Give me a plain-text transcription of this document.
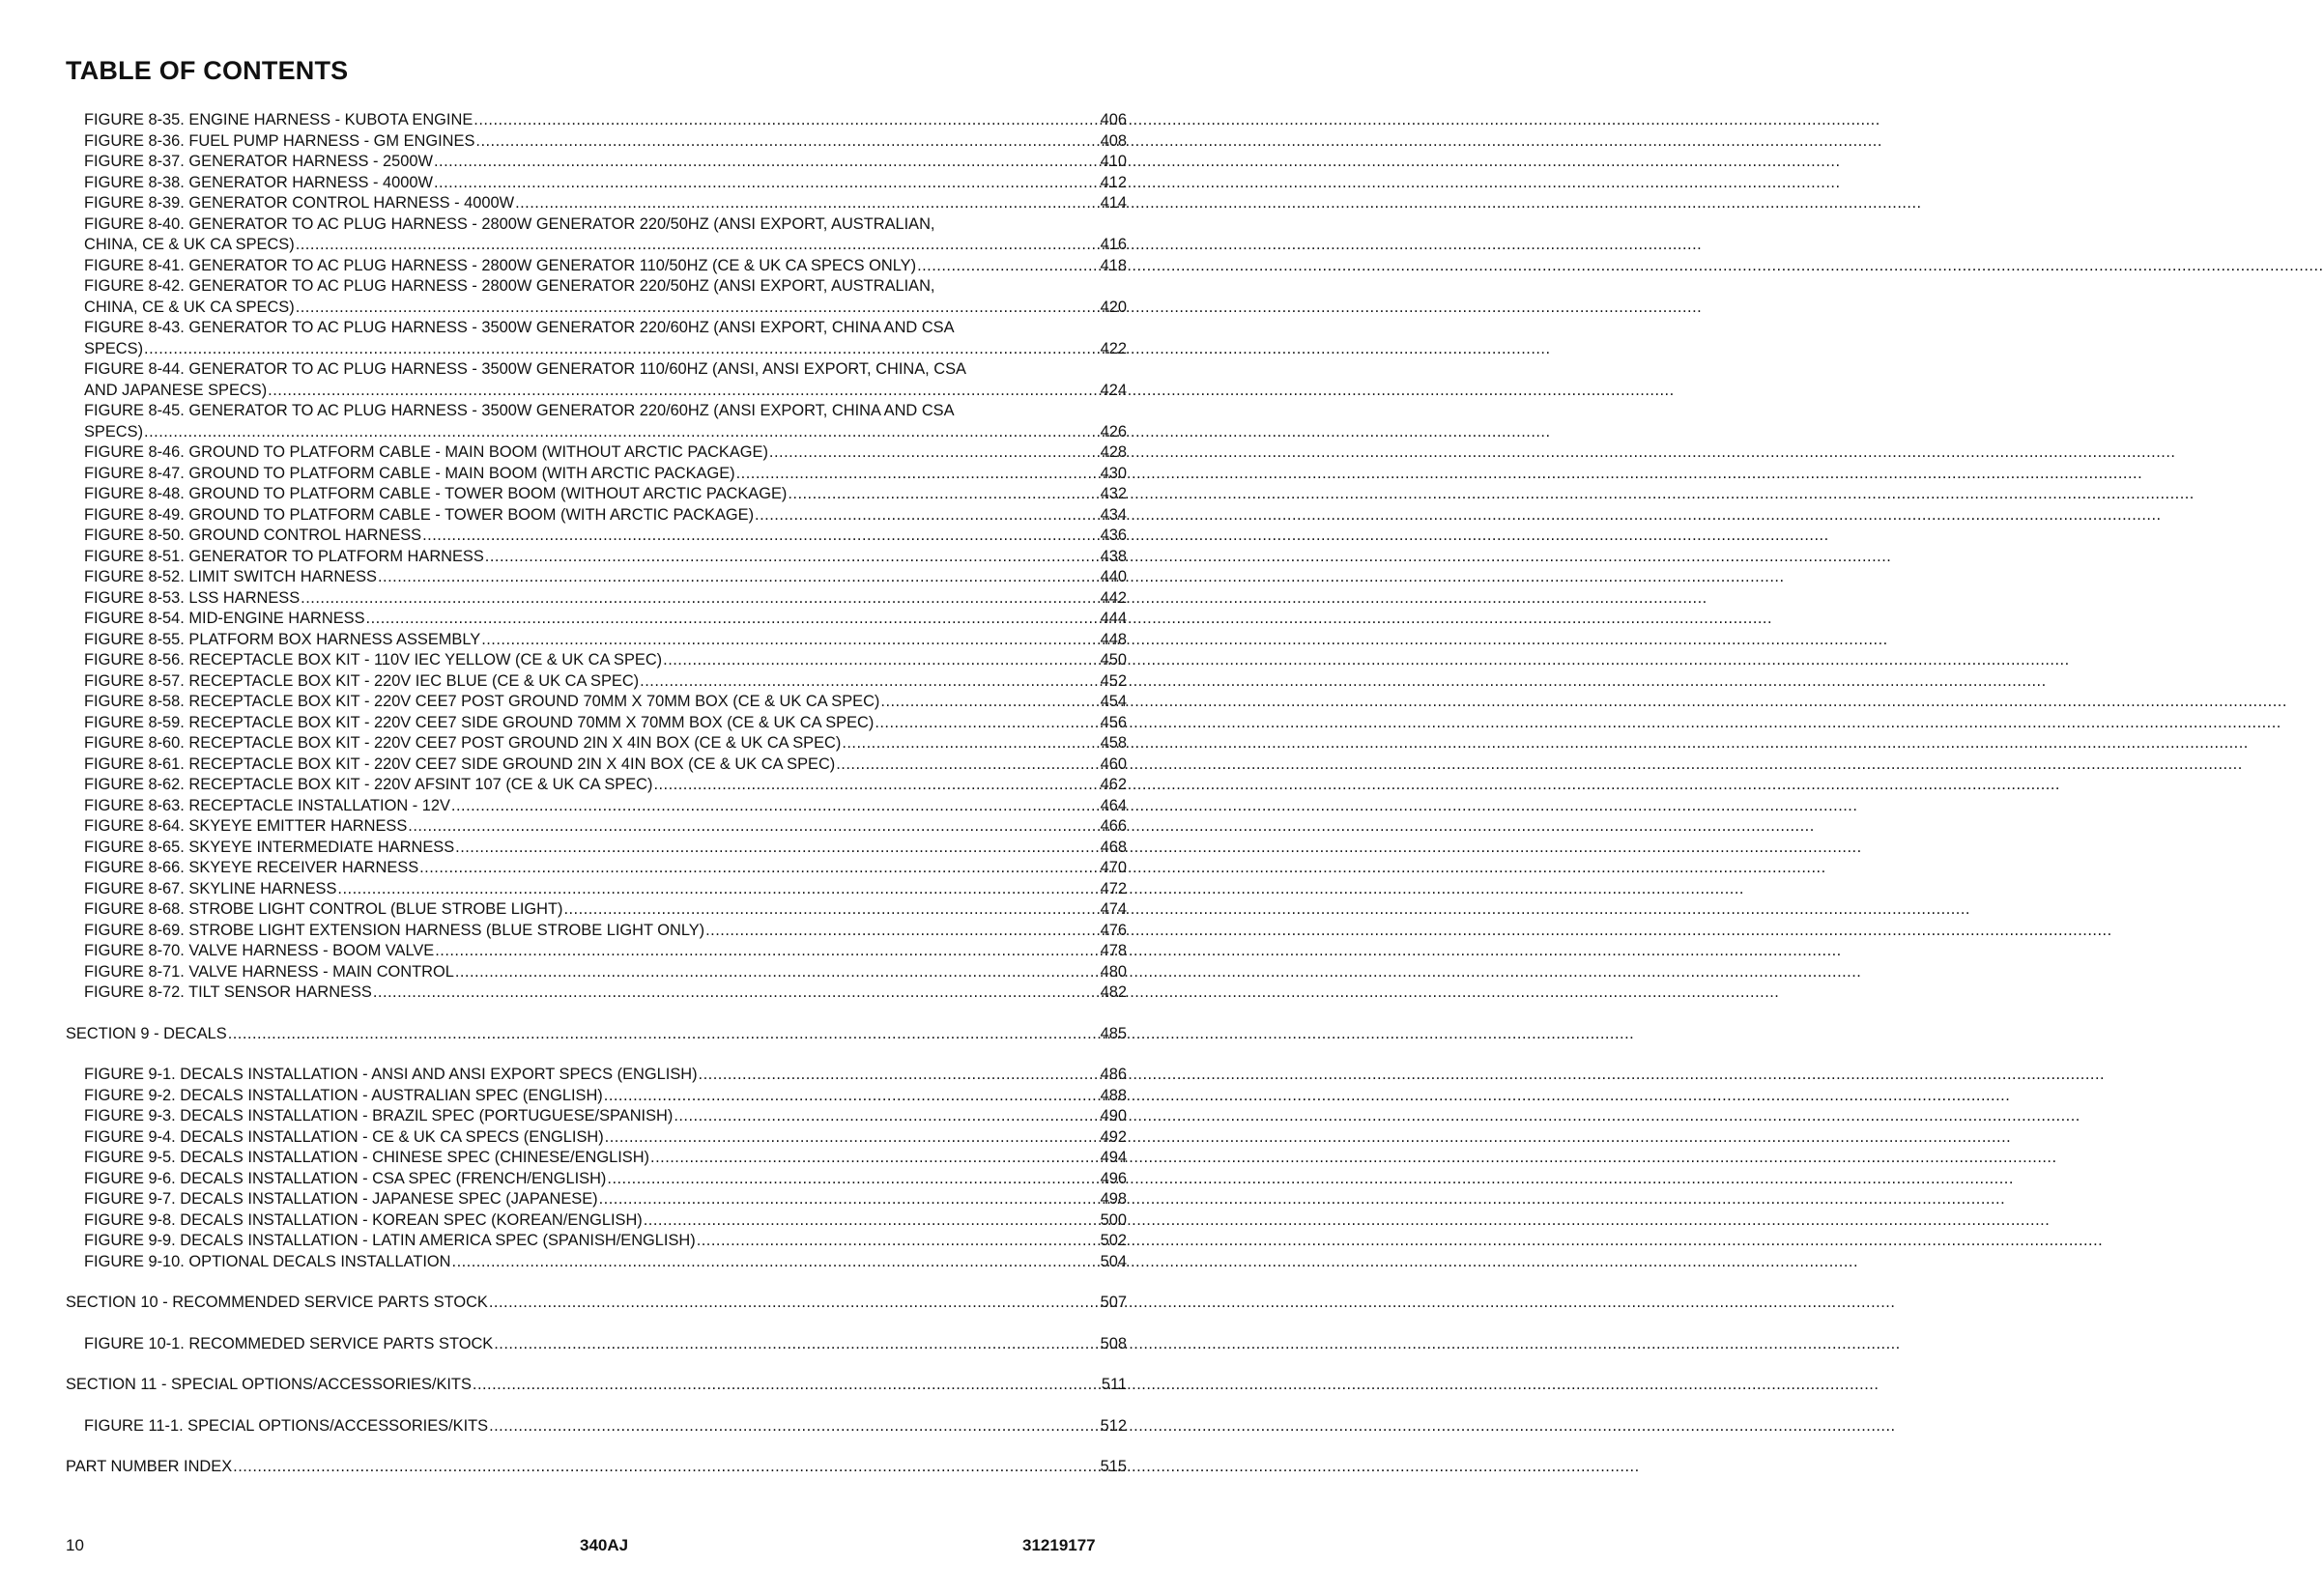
TABLE OF CONTENTS
FIGURE 8-35. ENGINE HARNESS - KUBOTA ENGINE .....	406
FIGURE 8-36. FUEL PUMP HARNESS - GM ENGINES .....	408
FIGURE 8-37. GENERATOR HARNESS - 2500W .....	410
FIGURE 8-38. GENERATOR HARNESS - 4000W .....	412
FIGURE 8-39. GENERATOR CONTROL HARNESS - 4000W .....	414
FIGURE 8-40. GENERATOR TO AC PLUG HARNESS - 2800W GENERATOR 220/50HZ (ANSI EXPORT, AUSTRALIAN,
CHINA, CE & UK CA SPECS) .....	416
FIGURE 8-41. GENERATOR TO AC PLUG HARNESS - 2800W GENERATOR 110/50HZ (CE & UK CA SPECS ONLY) .....	418
FIGURE 8-42. GENERATOR TO AC PLUG HARNESS - 2800W GENERATOR 220/50HZ (ANSI EXPORT, AUSTRALIAN,
CHINA, CE & UK CA SPECS) .....	420
FIGURE 8-43. GENERATOR TO AC PLUG HARNESS - 3500W GENERATOR 220/60HZ (ANSI EXPORT, CHINA AND CSA
SPECS) .....	422
FIGURE 8-44. GENERATOR TO AC PLUG HARNESS - 3500W GENERATOR 110/60HZ (ANSI, ANSI EXPORT, CHINA, CSA
AND JAPANESE SPECS) .....	424
FIGURE 8-45. GENERATOR TO AC PLUG HARNESS - 3500W GENERATOR 220/60HZ (ANSI EXPORT, CHINA AND CSA
SPECS) .....	426
FIGURE 8-46. GROUND TO PLATFORM CABLE - MAIN BOOM (WITHOUT ARCTIC PACKAGE) .....	428
FIGURE 8-47. GROUND TO PLATFORM CABLE - MAIN BOOM (WITH ARCTIC PACKAGE) .....	430
FIGURE 8-48. GROUND TO PLATFORM CABLE - TOWER BOOM (WITHOUT ARCTIC PACKAGE) .....	432
FIGURE 8-49. GROUND TO PLATFORM CABLE - TOWER BOOM (WITH ARCTIC PACKAGE) .....	434
FIGURE 8-50. GROUND CONTROL HARNESS .....	436
FIGURE 8-51. GENERATOR TO PLATFORM HARNESS .....	438
FIGURE 8-52. LIMIT SWITCH HARNESS .....	440
FIGURE 8-53. LSS HARNESS .....	442
FIGURE 8-54. MID-ENGINE HARNESS .....	444
FIGURE 8-55. PLATFORM BOX HARNESS ASSEMBLY .....	448
FIGURE 8-56. RECEPTACLE BOX KIT - 110V IEC YELLOW (CE & UK CA SPEC) .....	450
FIGURE 8-57. RECEPTACLE BOX KIT - 220V IEC BLUE (CE & UK CA SPEC) .....	452
FIGURE 8-58. RECEPTACLE BOX KIT - 220V CEE7 POST GROUND 70MM X 70MM BOX (CE & UK CA SPEC) .....	454
FIGURE 8-59. RECEPTACLE BOX KIT - 220V CEE7 SIDE GROUND 70MM X 70MM BOX (CE & UK CA SPEC) .....	456
FIGURE 8-60. RECEPTACLE BOX KIT - 220V CEE7 POST GROUND 2IN X 4IN BOX (CE & UK CA SPEC) .....	458
FIGURE 8-61. RECEPTACLE BOX KIT - 220V CEE7 SIDE GROUND 2IN X 4IN BOX (CE & UK CA SPEC) .....	460
FIGURE 8-62. RECEPTACLE BOX KIT - 220V AFSINT 107 (CE & UK CA SPEC) .....	462
FIGURE 8-63. RECEPTACLE INSTALLATION - 12V .....	464
FIGURE 8-64. SKYEYE EMITTER HARNESS .....	466
FIGURE 8-65. SKYEYE INTERMEDIATE HARNESS .....	468
FIGURE 8-66. SKYEYE RECEIVER HARNESS .....	470
FIGURE 8-67. SKYLINE HARNESS .....	472
FIGURE 8-68. STROBE LIGHT CONTROL (BLUE STROBE LIGHT) .....	474
FIGURE 8-69. STROBE LIGHT EXTENSION HARNESS (BLUE STROBE LIGHT ONLY) .....	476
FIGURE 8-70. VALVE HARNESS - BOOM VALVE .....	478
FIGURE 8-71. VALVE HARNESS - MAIN CONTROL .....	480
FIGURE 8-72. TILT SENSOR HARNESS .....	482
SECTION 9 - DECALS .....	485
FIGURE 9-1. DECALS INSTALLATION - ANSI AND ANSI EXPORT SPECS (ENGLISH) .....	486
FIGURE 9-2. DECALS INSTALLATION - AUSTRALIAN SPEC (ENGLISH) .....	488
FIGURE 9-3. DECALS INSTALLATION - BRAZIL SPEC (PORTUGUESE/SPANISH) .....	490
FIGURE 9-4. DECALS INSTALLATION - CE & UK CA SPECS (ENGLISH) .....	492
FIGURE 9-5. DECALS INSTALLATION - CHINESE SPEC (CHINESE/ENGLISH) .....	494
FIGURE 9-6. DECALS INSTALLATION - CSA SPEC (FRENCH/ENGLISH) .....	496
FIGURE 9-7. DECALS INSTALLATION - JAPANESE SPEC (JAPANESE) .....	498
FIGURE 9-8. DECALS INSTALLATION - KOREAN SPEC (KOREAN/ENGLISH) .....	500
FIGURE 9-9. DECALS INSTALLATION - LATIN AMERICA SPEC (SPANISH/ENGLISH) .....	502
FIGURE 9-10. OPTIONAL DECALS INSTALLATION .....	504
SECTION 10 - RECOMMENDED SERVICE PARTS STOCK .....	507
FIGURE 10-1. RECOMMEDED SERVICE PARTS STOCK .....	508
SECTION 11 - SPECIAL OPTIONS/ACCESSORIES/KITS .....	511
FIGURE 11-1. SPECIAL OPTIONS/ACCESSORIES/KITS .....	512
PART NUMBER INDEX .....	515
10	340AJ	31219177
